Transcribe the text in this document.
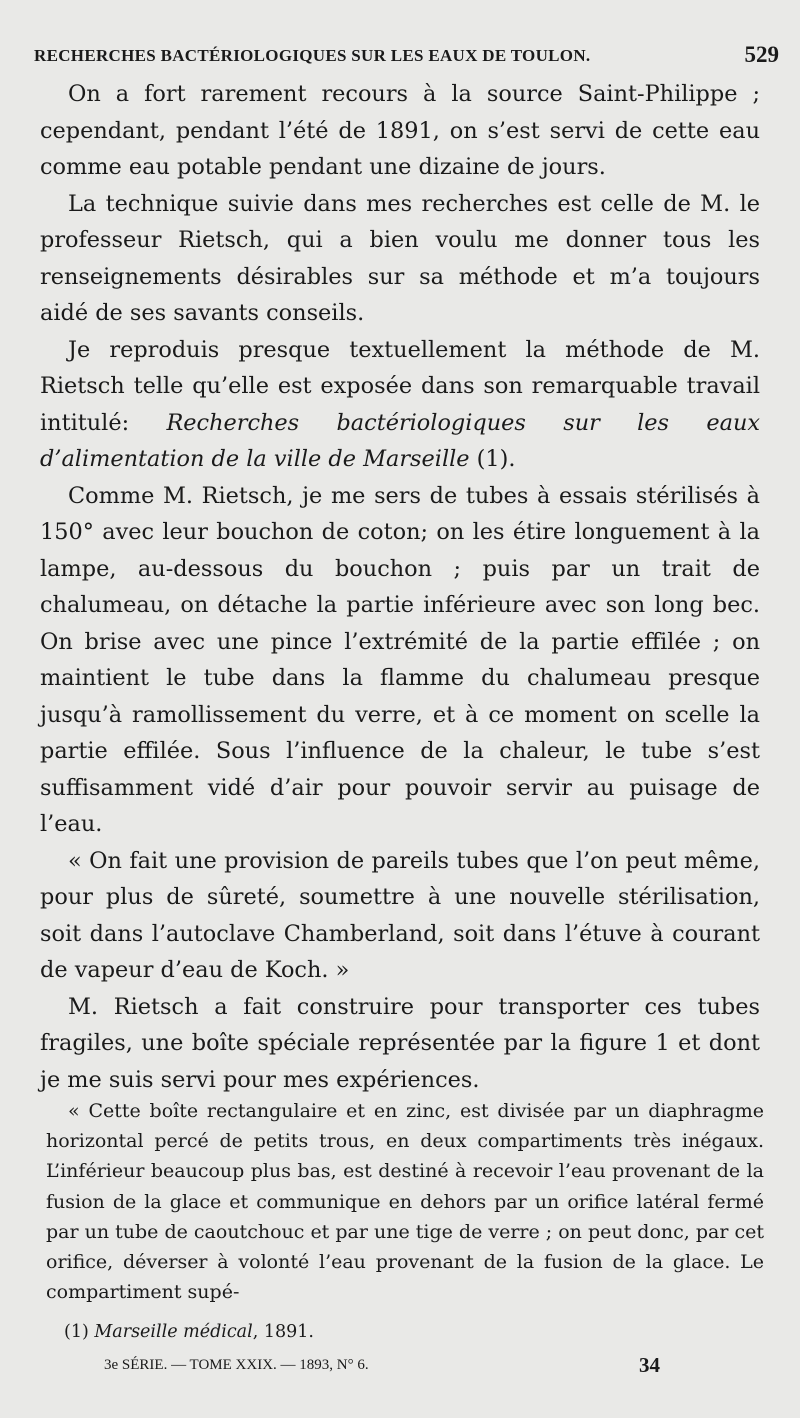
RECHERCHES BACTÉRIOLOGIQUES SUR LES EAUX DE TOULON.	529

On a fort rarement recours à la source Saint-Philippe ; cependant, pendant l’été de 1891, on s’est servi de cette eau comme eau potable pendant une dizaine de jours.

La technique suivie dans mes recherches est celle de M. le professeur Rietsch, qui a bien voulu me donner tous les renseignements désirables sur sa méthode et m’a toujours aidé de ses savants conseils.

Je reproduis presque textuellement la méthode de M. Rietsch telle qu’elle est exposée dans son remarquable travail intitulé: Recherches bactériologiques sur les eaux d’alimentation de la ville de Marseille (1).

Comme M. Rietsch, je me sers de tubes à essais stérilisés à 150° avec leur bouchon de coton; on les étire longuement à la lampe, au-dessous du bouchon ; puis par un trait de chalumeau, on détache la partie inférieure avec son long bec. On brise avec une pince l’extrémité de la partie effilée ; on maintient le tube dans la flamme du chalumeau presque jusqu’à ramollissement du verre, et à ce moment on scelle la partie effilée. Sous l’influence de la chaleur, le tube s’est suffisamment vidé d’air pour pouvoir servir au puisage de l’eau.

« On fait une provision de pareils tubes que l’on peut même, pour plus de sûreté, soumettre à une nouvelle stérilisation, soit dans l’autoclave Chamberland, soit dans l’étuve à courant de vapeur d’eau de Koch. »

M. Rietsch a fait construire pour transporter ces tubes fragiles, une boîte spéciale représentée par la figure 1 et dont je me suis servi pour mes expériences.

« Cette boîte rectangulaire et en zinc, est divisée par un diaphragme horizontal percé de petits trous, en deux compartiments très inégaux. L’inférieur beaucoup plus bas, est destiné à recevoir l’eau provenant de la fusion de la glace et communique en dehors par un orifice latéral fermé par un tube de caoutchouc et par une tige de verre ; on peut donc, par cet orifice, déverser à volonté l’eau provenant de la fusion de la glace. Le compartiment supé-

(1) Marseille médical, 1891.
3e SÉRIE. — TOME XXIX. — 1893, N° 6.	34
